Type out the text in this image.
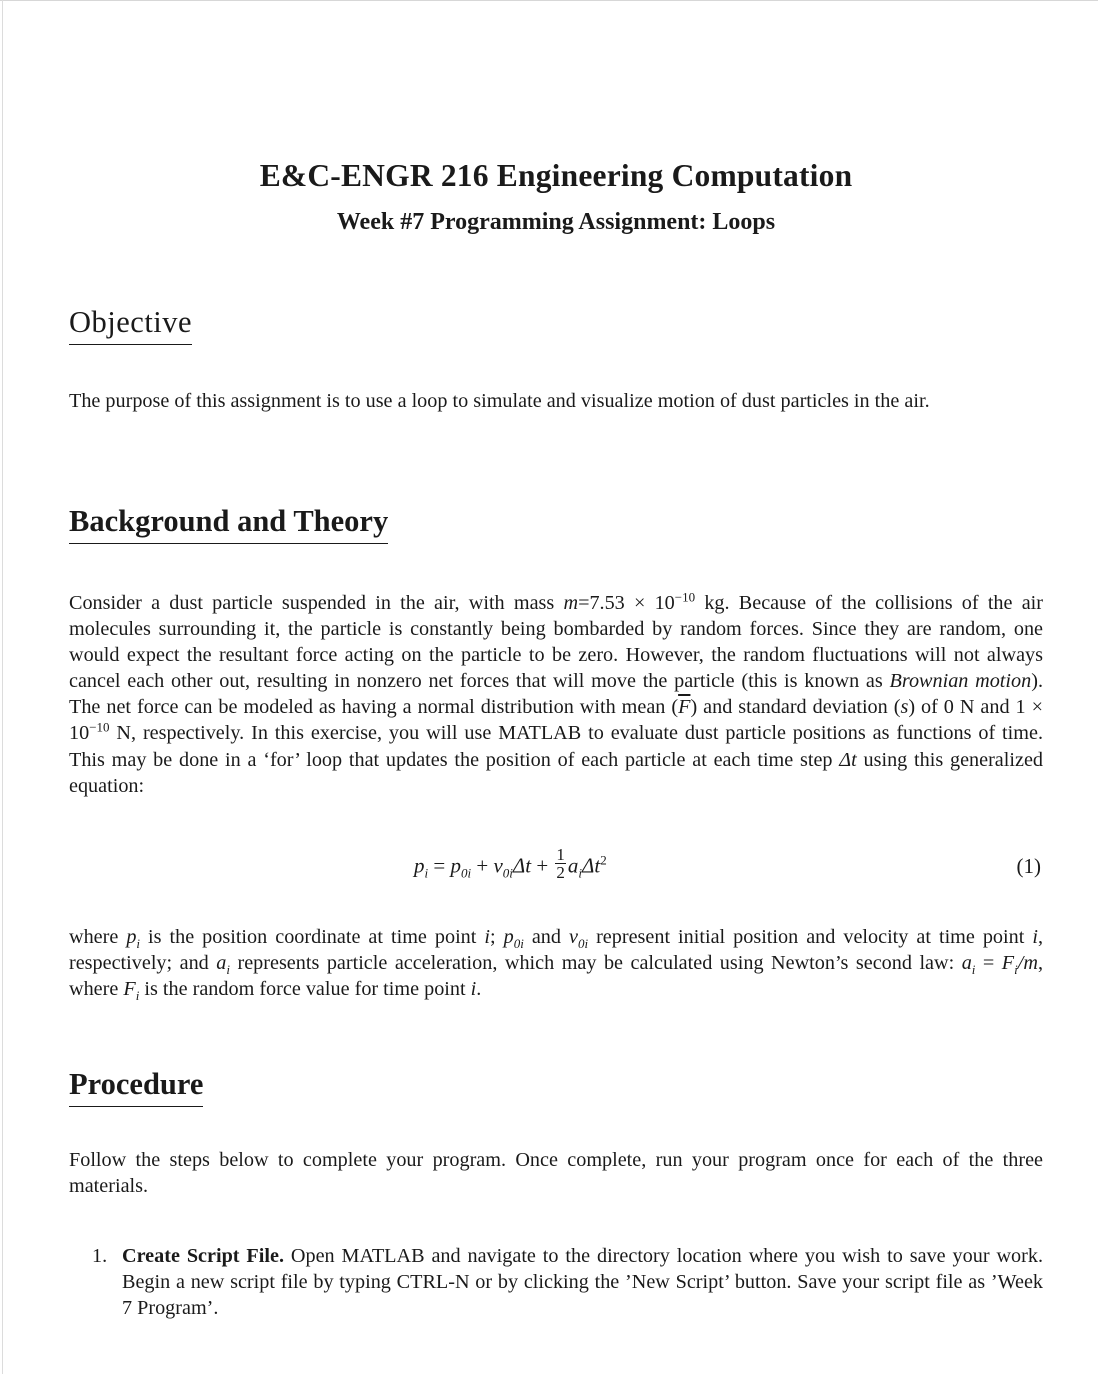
E&C-ENGR 216 Engineering Computation
Week #7 Programming Assignment: Loops
Objective

The purpose of this assignment is to use a loop to simulate and visualize motion of dust particles in the air.

Background and Theory

Consider a dust particle suspended in the air, with mass $m=7.53 \times 10^{-10}$ kg. Because of the collisions of the air molecules surrounding it, the particle is constantly being bombarded by random forces. Since they are random, one would expect the resultant force acting on the particle to be zero. However, the random fluctuations will not always cancel each other out, resulting in nonzero net forces that will move the particle (this is known as Brownian motion). The net force can be modeled as having a normal distribution with mean $(\overline{F})$ and standard deviation (s) of 0 N and $1 \times 10^{-10}$ N, respectively. In this exercise, you will use MATLAB to evaluate dust particle positions as functions of time. This may be done in a ‘for’ loop that updates the position of each particle at each time step Δt using this generalized equation:

$p_i = p_{0i} + v_{0i}\Delta t + \frac{1}{2} a_i\Delta t^2$	(1)

where $p_i$ is the position coordinate at time point i; $p_{0i}$ and $v_{0i}$ represent initial position and velocity at time point i, respectively; and $a_i$ represents particle acceleration, which may be calculated using Newton’s second law: $a_i = F_i/m$, where $F_i$ is the random force value for time point i.

Procedure

Follow the steps below to complete your program. Once complete, run your program once for each of the three materials.

1. Create Script File. Open MATLAB and navigate to the directory location where you wish to save your work. Begin a new script file by typing CTRL-N or by clicking the ’New Script’ button. Save your script file as ’Week 7 Program’.
